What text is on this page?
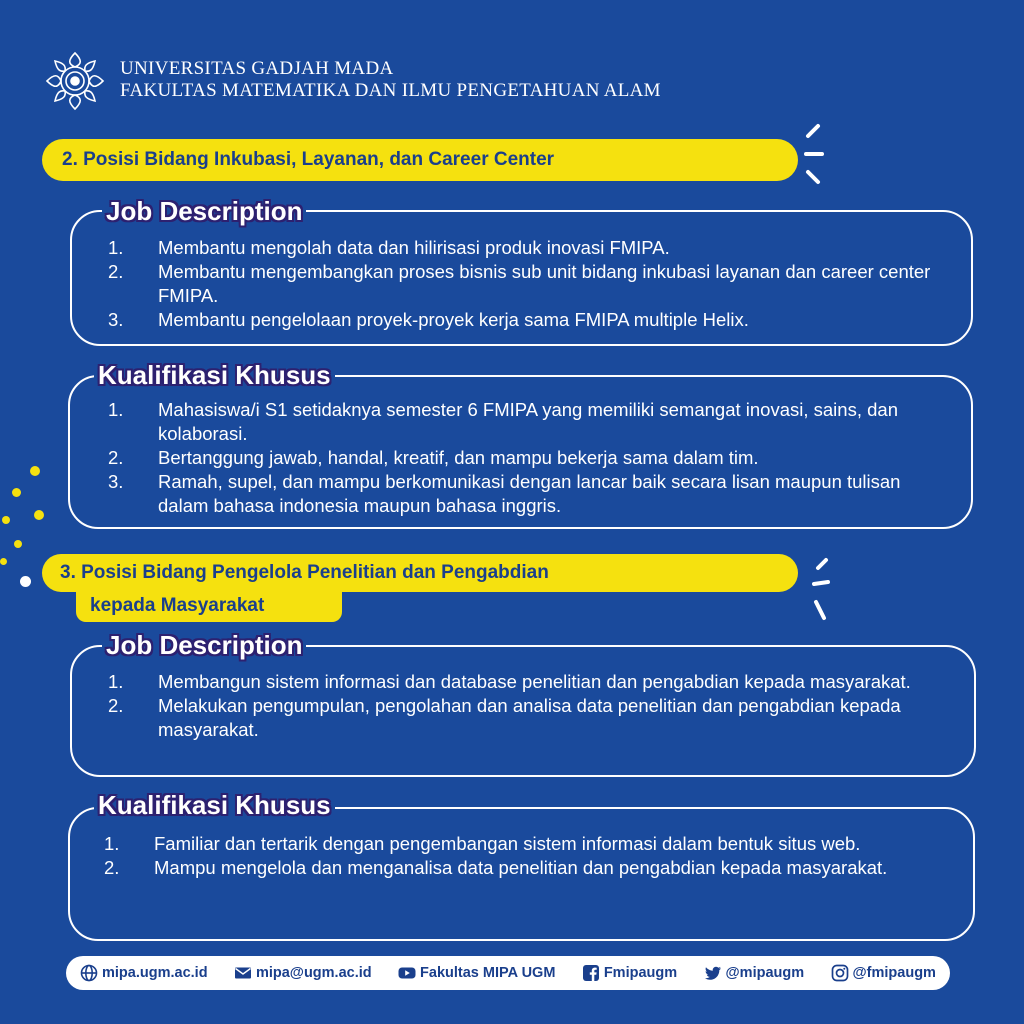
UNIVERSITAS GADJAH MADA
FAKULTAS MATEMATIKA DAN ILMU PENGETAHUAN ALAM
2. Posisi Bidang Inkubasi, Layanan, dan Career Center
Job Description
1.	Membantu mengolah data dan hilirisasi produk inovasi FMIPA.
2.	Membantu mengembangkan proses bisnis sub unit bidang inkubasi layanan dan career center FMIPA.
3.	Membantu pengelolaan proyek-proyek kerja sama FMIPA multiple Helix.
Kualifikasi Khusus
1.	Mahasiswa/i S1 setidaknya semester 6 FMIPA yang memiliki semangat inovasi, sains, dan kolaborasi.
2.	Bertanggung jawab, handal, kreatif, dan mampu bekerja sama dalam tim.
3.	Ramah, supel, dan mampu berkomunikasi dengan lancar baik secara lisan maupun tulisan dalam bahasa indonesia maupun bahasa inggris.
3. Posisi Bidang Pengelola Penelitian dan Pengabdian
kepada Masyarakat
Job Description
1.	Membangun sistem informasi dan database penelitian dan pengabdian kepada masyarakat.
2.	Melakukan pengumpulan, pengolahan dan analisa data penelitian dan pengabdian kepada masyarakat.
Kualifikasi Khusus
1.	Familiar dan tertarik dengan pengembangan sistem informasi dalam bentuk situs web.
2.	Mampu mengelola dan menganalisa data penelitian dan pengabdian kepada masyarakat.
mipa.ugm.ac.id	mipa@ugm.ac.id	Fakultas MIPA UGM	Fmipaugm	@mipaugm	@fmipaugm
